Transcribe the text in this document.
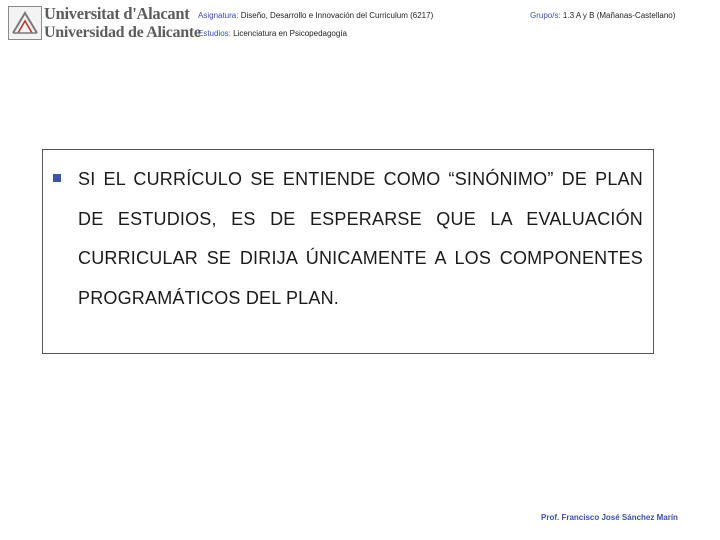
Universitat d'Alacant
Universidad de Alicante
Asignatura: Diseño, Desarrollo e Innovación del Curriculum (6217)	Grupo/s: 1.3 A y B (Mañanas-Castellano)
Estudios: Licenciatura en Psicopedagogía

SI EL CURRÍCULO SE ENTIENDE COMO “SINÓNIMO” DE PLAN DE ESTUDIOS, ES DE ESPERARSE QUE LA EVALUACIÓN CURRICULAR SE DIRIJA ÚNICAMENTE A LOS COMPONENTES PROGRAMÁTICOS DEL PLAN.

Prof. Francisco José Sánchez Marín
